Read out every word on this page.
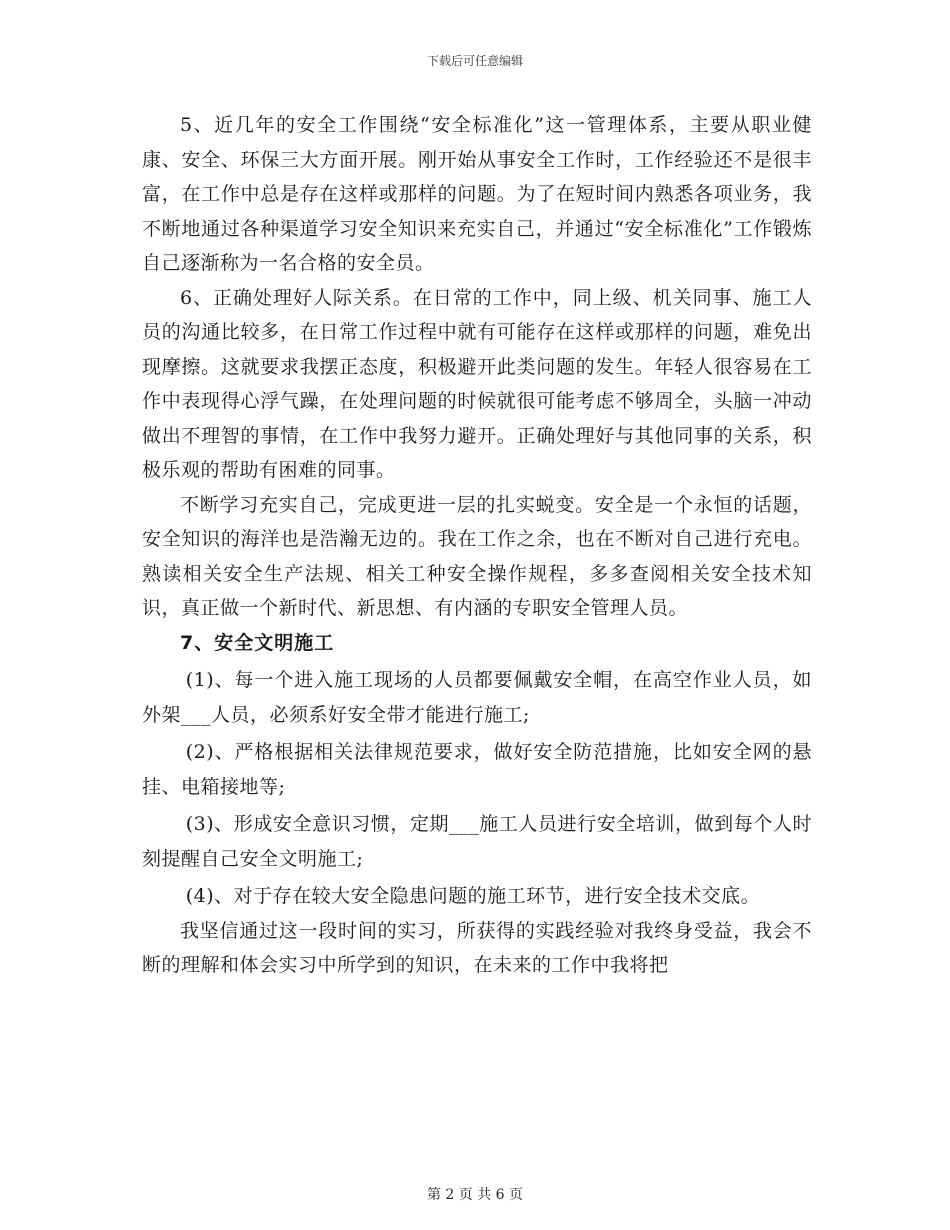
下载后可任意编辑

5、近几年的安全工作围绕“安全标准化”这一管理体系，主要从职业健康、安全、环保三大方面开展。刚开始从事安全工作时，工作经验还不是很丰富，在工作中总是存在这样或那样的问题。为了在短时间内熟悉各项业务，我不断地通过各种渠道学习安全知识来充实自己，并通过“安全标准化”工作锻炼自己逐渐称为一名合格的安全员。

6、正确处理好人际关系。在日常的工作中，同上级、机关同事、施工人员的沟通比较多，在日常工作过程中就有可能存在这样或那样的问题，难免出现摩擦。这就要求我摆正态度，积极避开此类问题的发生。年轻人很容易在工作中表现得心浮气躁，在处理问题的时候就很可能考虑不够周全，头脑一冲动做出不理智的事情，在工作中我努力避开。正确处理好与其他同事的关系，积极乐观的帮助有困难的同事。

不断学习充实自己，完成更进一层的扎实蜕变。安全是一个永恒的话题，安全知识的海洋也是浩瀚无边的。我在工作之余，也在不断对自己进行充电。熟读相关安全生产法规、相关工种安全操作规程，多多查阅相关安全技术知识，真正做一个新时代、新思想、有内涵的专职安全管理人员。

7、安全文明施工

(1)、每一个进入施工现场的人员都要佩戴安全帽，在高空作业人员，如外架___人员，必须系好安全带才能进行施工;

(2)、严格根据相关法律规范要求，做好安全防范措施，比如安全网的悬挂、电箱接地等;

(3)、形成安全意识习惯，定期___施工人员进行安全培训，做到每个人时刻提醒自己安全文明施工;

(4)、对于存在较大安全隐患问题的施工环节，进行安全技术交底。

我坚信通过这一段时间的实习，所获得的实践经验对我终身受益，我会不断的理解和体会实习中所学到的知识，在未来的工作中我将把

第 2 页 共 6 页
